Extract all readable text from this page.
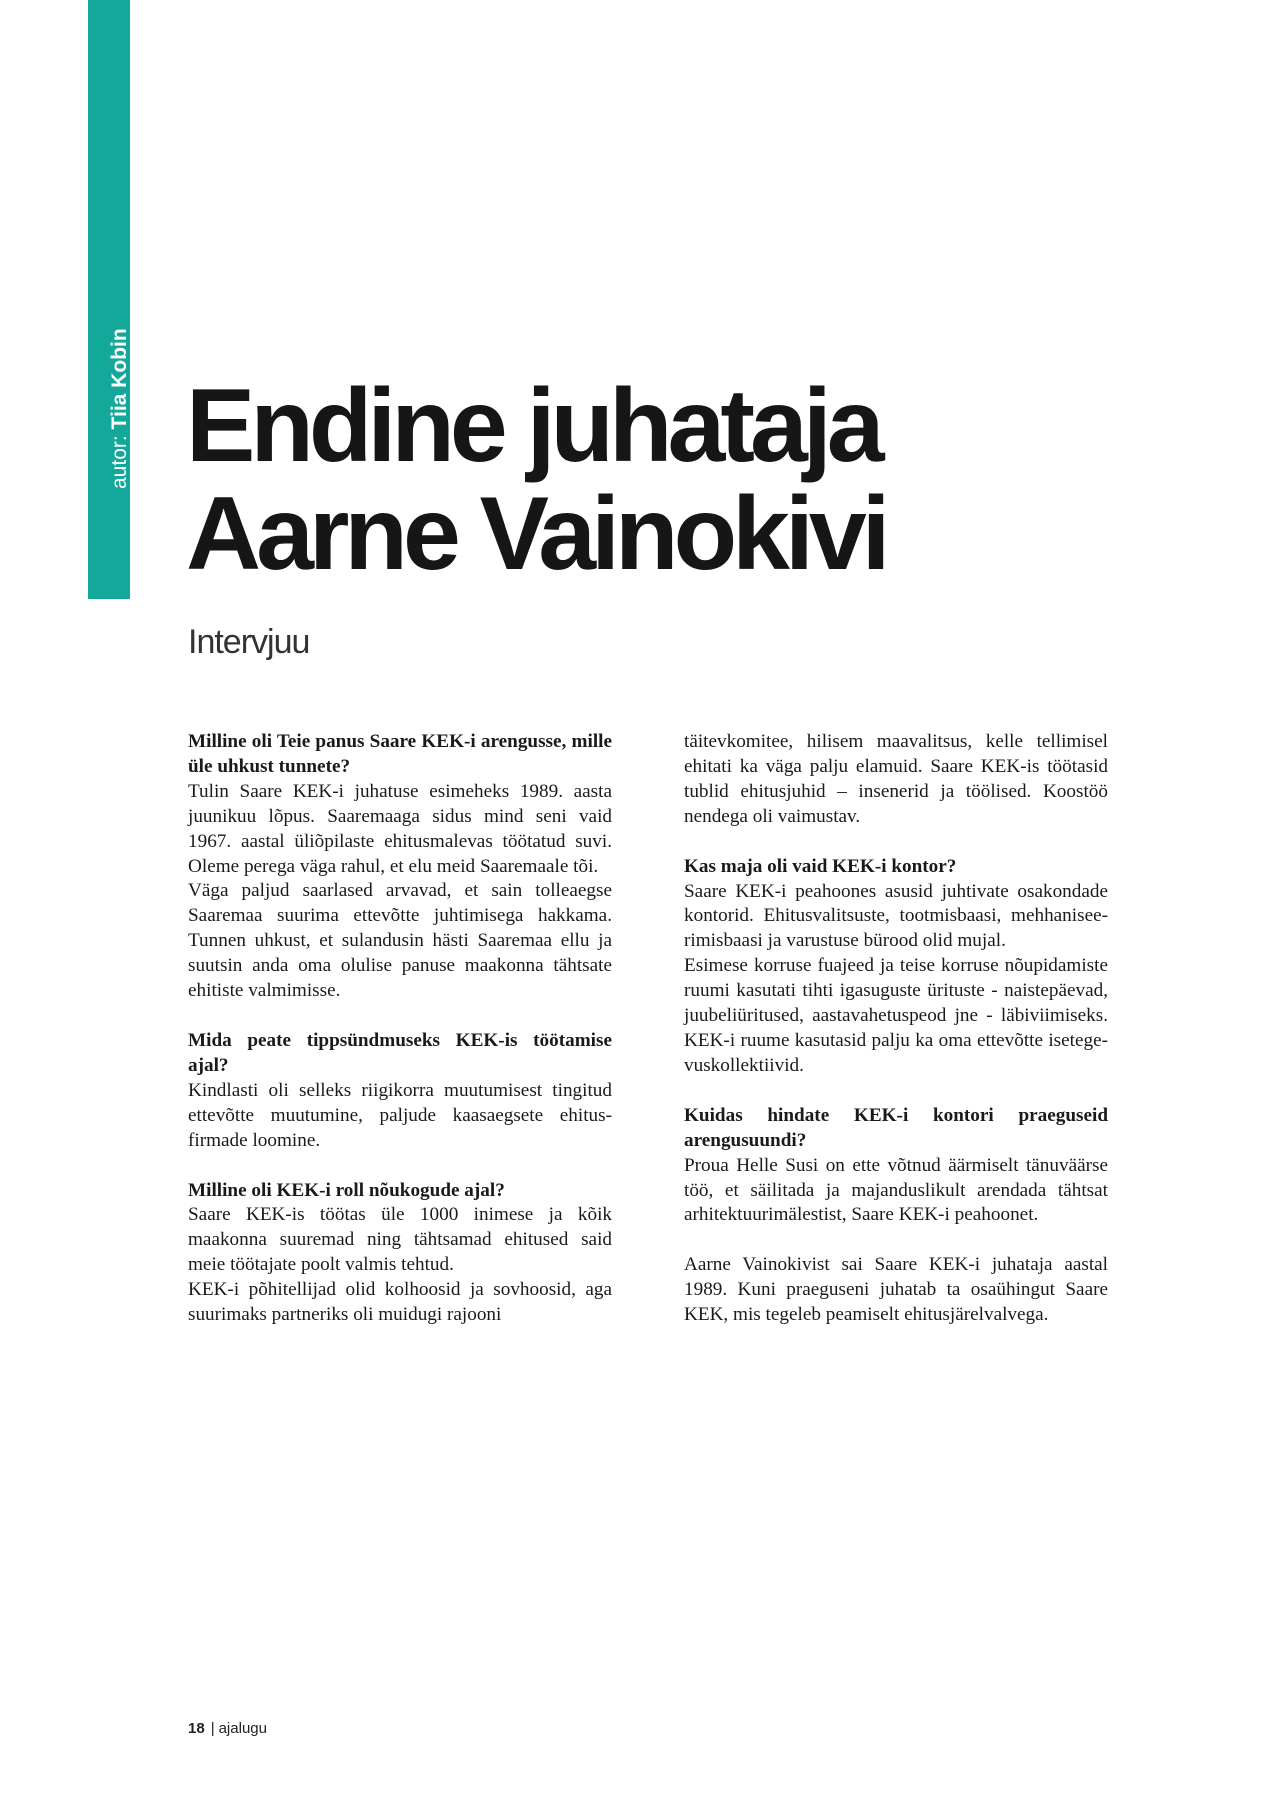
autor: Tiia Kobin Endine juhataja
Aarne Vainokivi
Intervjuu

Milline oli Teie panus Saare KEK-i arengusse, mille üle uhkust tunnete?

Tulin Saare KEK-i juhatuse esimeheks 1989. aasta juunikuu lõpus. Saaremaaga sidus mind seni vaid 1967. aastal üliõpilaste ehitusmalevas töötatud suvi. Oleme perega väga rahul, et elu meid Saaremaale tõi.

Väga paljud saarlased arvavad, et sain tolleaegse Saaremaa suurima ettevõtte juhtimisega hakkama. Tunnen uhkust, et sulandusin hästi Saaremaa ellu ja suutsin anda oma olulise panuse maakonna tähtsate ehitiste valmimisse.

Mida peate tippsündmuseks KEK-is töötamise ajal?

Kindlasti oli selleks riigikorra muutumisest tingitud ettevõtte muutumine, paljude kaasaegsete ehitusfirmade loomine.

Milline oli KEK-i roll nõukogude ajal?

Saare KEK-is töötas üle 1000 inimese ja kõik maakonna suuremad ning tähtsamad ehitused said meie töötajate poolt valmis tehtud.

KEK-i põhitellijad olid kolhoosid ja sovhoosid, aga suurimaks partneriks oli muidugi rajooni

täitevkomitee, hilisem maavalitsus, kelle tellimisel ehitati ka väga palju elamuid. Saare KEK-is töötasid tublid ehitusjuhid – insenerid ja töölised. Koostöö nendega oli vaimustav.

Kas maja oli vaid KEK-i kontor?

Saare KEK-i peahoones asusid juhtivate osakondade kontorid. Ehitusvalitsuste, tootmisbaasi, mehhaniseerimisbaasi ja varustuse bürood olid mujal.

Esimese korruse fuajeed ja teise korruse nõupidamiste ruumi kasutati tihti igasuguste ürituste - naistepäevad, juubeliüritused, aastavahetuspeod jne - läbiviimiseks. KEK-i ruume kasutasid palju ka oma ettevõtte isetegevuskollektiivid.

Kuidas hindate KEK-i kontori praeguseid arengusuundi?

Proua Helle Susi on ette võtnud äärmiselt tänuväärse töö, et säilitada ja majanduslikult arendada tähtsat arhitektuurimälestist, Saare KEK-i peahoonet.

Aarne Vainokivist sai Saare KEK-i juhataja aastal 1989. Kuni praeguseni juhatab ta osaühingut Saare KEK, mis tegeleb peamiselt ehitusjärelvalvega.

18 | ajalugu
